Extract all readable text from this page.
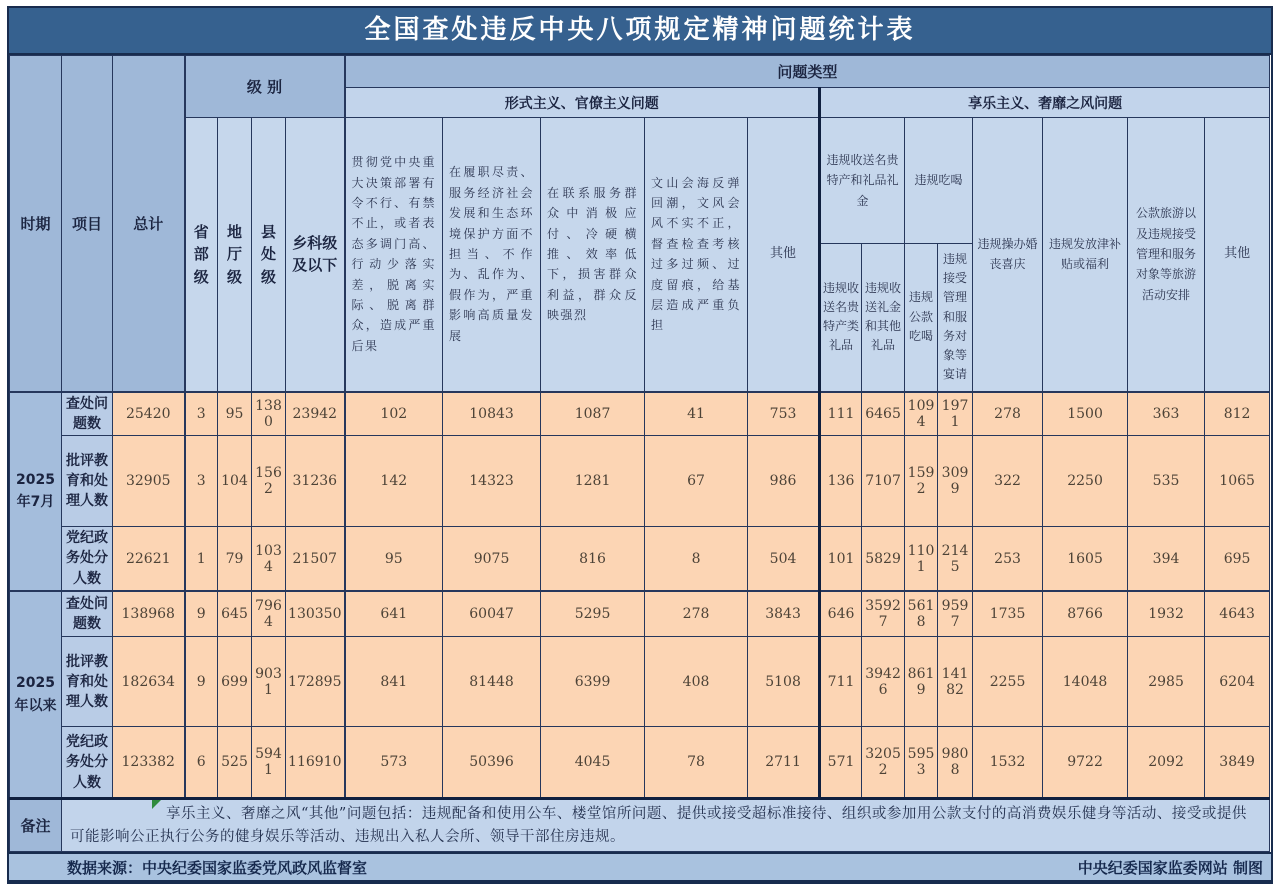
全国查处违反中央八项规定精神问题统计表
时期	项目	总计	级 别				问题类型												
							形式主义、官僚主义问题					享乐主义、奢靡之风问题							
			省部级	地厅级	县处级	乡科级及以下	贯彻党中央重大决策部署有令不行、有禁不止，或者表态多调门高、行动少落实差，脱离实际、脱离群众，造成严重后果	在履职尽责、服务经济社会发展和生态环境保护方面不担当、不作为、乱作为、假作为，严重影响高质量发展	在联系服务群众中消极应付、冷硬横推、效率低下，损害群众利益，群众反映强烈	文山会海反弹回潮，文风会风不实不正，督查检查考核过多过频、过度留痕，给基层造成严重负担	其他	违规收送名贵特产和礼品礼金		违规吃喝		违规操办婚丧喜庆	违规发放津补贴或福利	公款旅游以及违规接受管理和服务对象等旅游活动安排	其他
												违规收送名贵特产类礼品	违规收送礼金和其他礼品	违规公款吃喝	违规接受管理和服务对象等宴请				
2025年7月	查处问题数	25420	3	95	1380	23942	102	10843	1087	41	753	111	6465	1094	1971	278	1500	363	812
	批评教育和处理人数	32905	3	104	1562	31236	142	14323	1281	67	986	136	7107	1592	3099	322	2250	535	1065
	党纪政务处分人数	22621	1	79	1034	21507	95	9075	816	8	504	101	5829	1101	2145	253	1605	394	695
2025年以来	查处问题数	138968	9	645	7964	130350	641	60047	5295	278	3843	646	35927	5618	9597	1735	8766	1932	4643
	批评教育和处理人数	182634	9	699	9031	172895	841	81448	6399	408	5108	711	39426	8619	14182	2255	14048	2985	6204
	党纪政务处分人数	123382	6	525	5941	116910	573	50396	4045	78	2711	571	32052	5953	9808	1532	9722	2092	3849
备注	享乐主义、奢靡之风“其他”问题包括：违规配备和使用公车、楼堂馆所问题、提供或接受超标准接待、组织或参加用公款支付的高消费娱乐健身等活动、接受或提供可能影响公正执行公务的健身娱乐等活动、违规出入私人会所、领导干部住房违规。																		

数据来源：中央纪委国家监委党风政风监督室	中央纪委国家监委网站 制图
